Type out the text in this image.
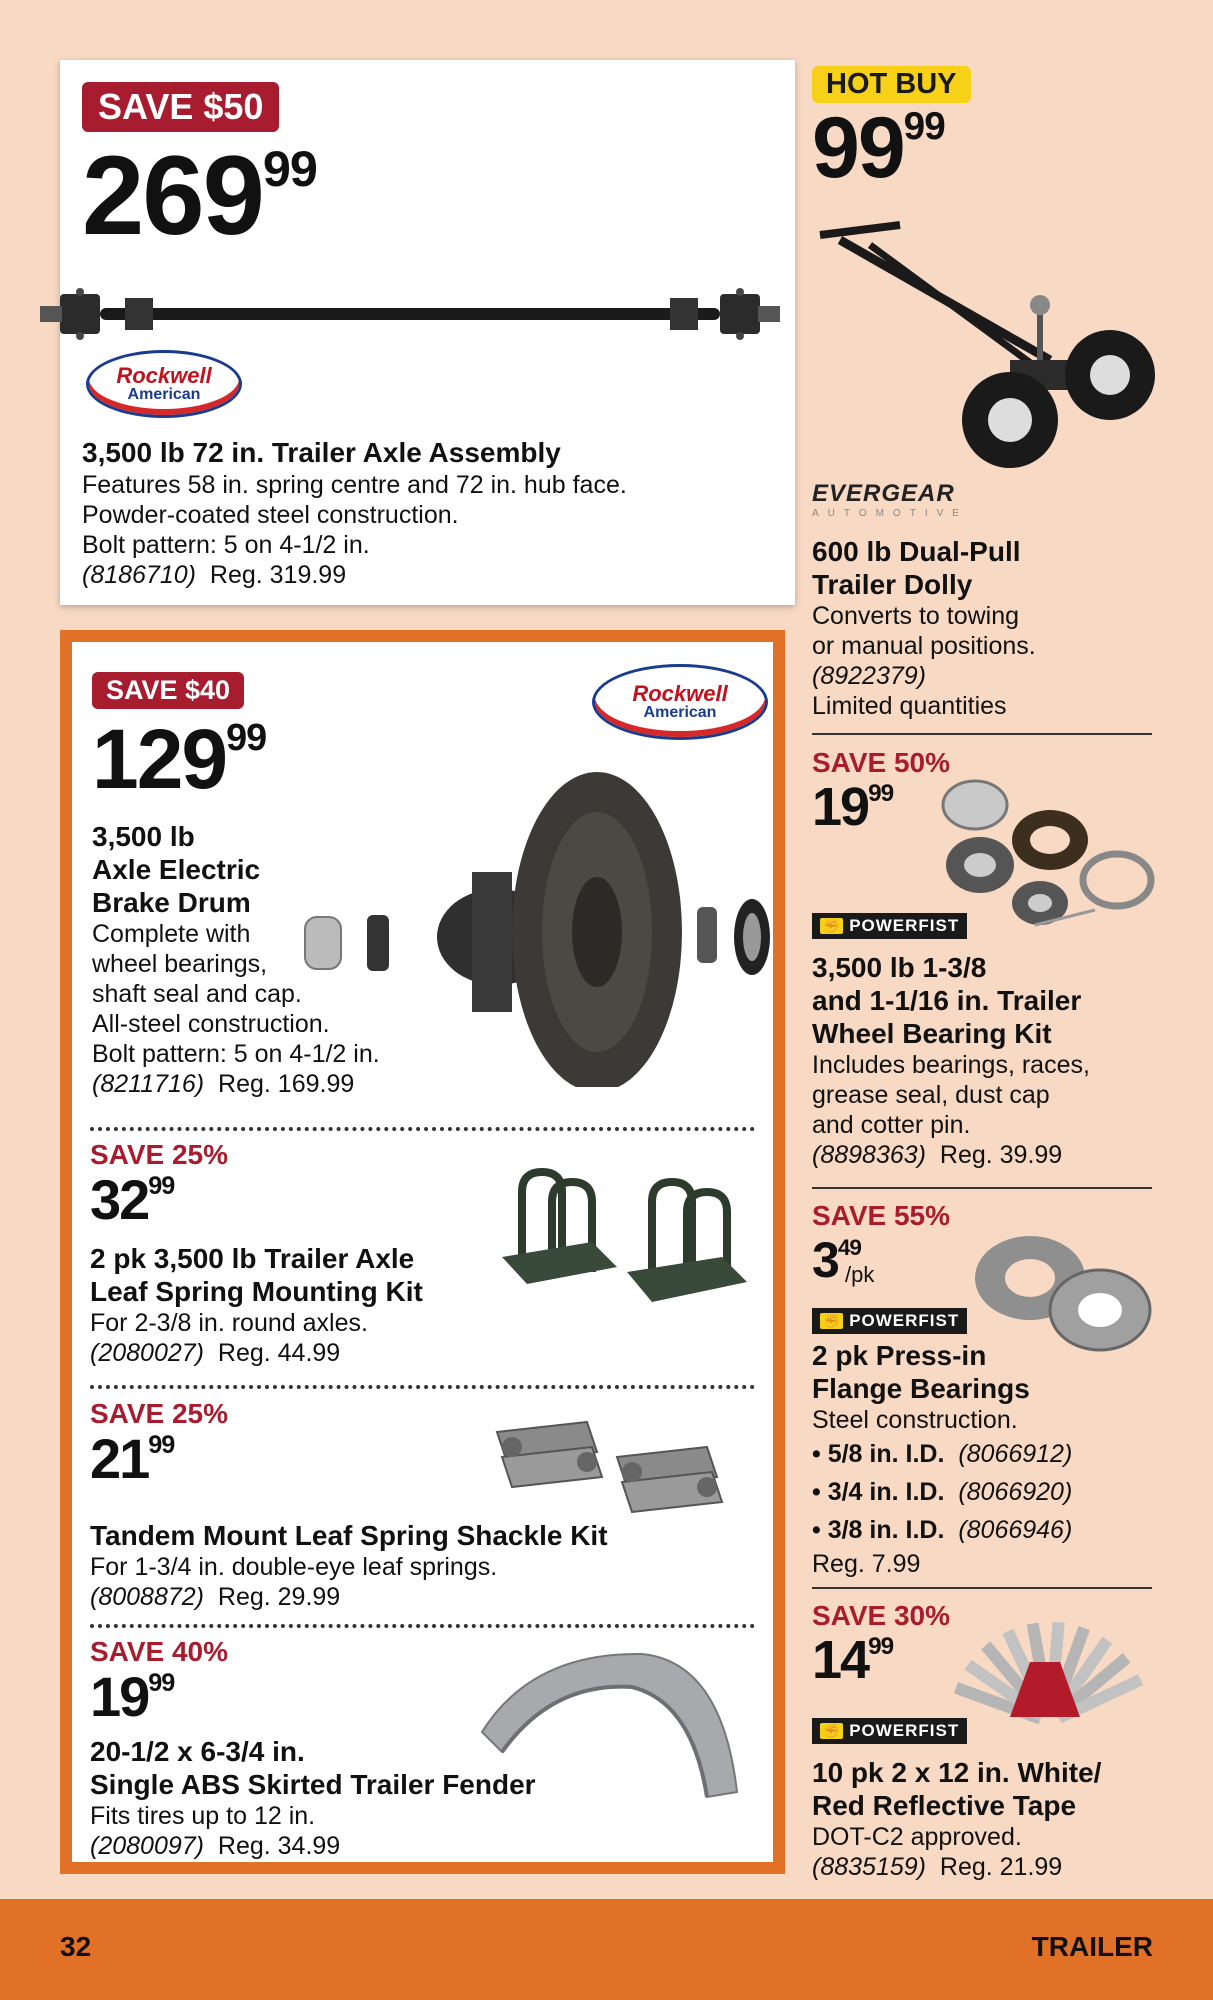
SAVE $50
$269^{99}$
Rockwell
American
3,500 lb 72 in. Trailer Axle Assembly
Features 58 in. spring centre and 72 in. hub face.
Powder-coated steel construction.
Bolt pattern: 5 on 4-1/2 in.
(8186710) Reg. 319.99
HOT BUY
$99^{99}$
EVERGEAR
AUTOMOTIVE
600 lb Dual-Pull
Trailer Dolly
Converts to towing
or manual positions.
(8922379)
Limited quantities
SAVE $40
$129^{99}$
Rockwell
American
3,500 lb
Axle Electric
Brake Drum
Complete with
wheel bearings,
shaft seal and cap.
All-steel construction.
Bolt pattern: 5 on 4-1/2 in.
(8211716) Reg. 169.99
SAVE 25%
$32^{99}$
2 pk 3,500 lb Trailer Axle
Leaf Spring Mounting Kit
For 2-3/8 in. round axles.
(2080027) Reg. 44.99
SAVE 25%
$21^{99}$
Tandem Mount Leaf Spring Shackle Kit
For 1-3/4 in. double-eye leaf springs.
(8008872) Reg. 29.99
SAVE 40%
$19^{99}$
20-1/2 x 6-3/4 in.
Single ABS Skirted Trailer Fender
Fits tires up to 12 in.
(2080097) Reg. 34.99
SAVE 50%
$19^{99}$
✊ POWERFIST
3,500 lb 1-3/8
and 1-1/16 in. Trailer
Wheel Bearing Kit
Includes bearings, races,
grease seal, dust cap
and cotter pin.
(8898363) Reg. 39.99
SAVE 55%
$3^{49}$
/pk
✊ POWERFIST
2 pk Press-in
Flange Bearings
Steel construction.
• 5/8 in. I.D. (8066912)
• 3/4 in. I.D. (8066920)
• 3/8 in. I.D. (8066946)
Reg. 7.99
SAVE 30%
$14^{99}$
✊ POWERFIST
10 pk 2 x 12 in. White/
Red Reflective Tape
DOT-C2 approved.
(8835159) Reg. 21.99
32	TRAILER
